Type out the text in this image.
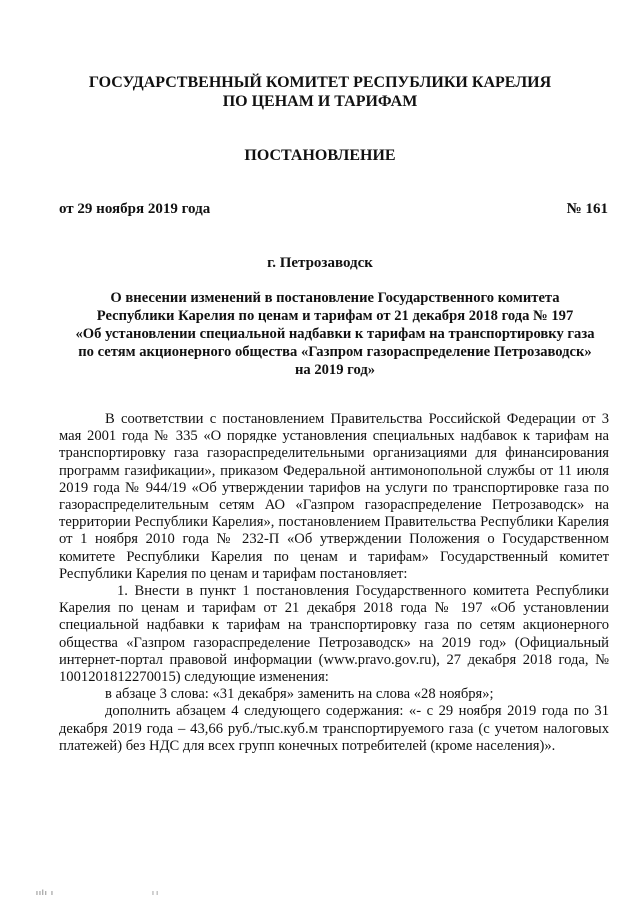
ГОСУДАРСТВЕННЫЙ КОМИТЕТ РЕСПУБЛИКИ КАРЕЛИЯ
ПО ЦЕНАМ И ТАРИФАМ
ПОСТАНОВЛЕНИЕ
от 29 ноября 2019 года	№ 161
г. Петрозаводск
О внесении изменений в постановление Государственного комитета
Республики Карелия по ценам и тарифам от 21 декабря 2018 года № 197
«Об установлении специальной надбавки к тарифам на транспортировку газа
по сетям акционерного общества «Газпром газораспределение Петрозаводск»
на 2019 год»

В соответствии с постановлением Правительства Российской Федерации от 3 мая 2001 года № 335 «О порядке установления специальных надбавок к тарифам на транспортировку газа газораспределительными организациями для финансирования программ газификации», приказом Федеральной антимонопольной службы от 11 июля 2019 года № 944/19 «Об утверждении тарифов на услуги по транспортировке газа по газораспределительным сетям АО «Газпром газораспределение Петрозаводск» на территории Республики Карелия», постановлением Правительства Республики Карелия от 1 ноября 2010 года № 232-П «Об утверждении Положения о Государственном комитете Республики Карелия по ценам и тарифам» Государственный комитет Республики Карелия по ценам и тарифам постановляет:

1. Внести в пункт 1 постановления Государственного комитета Республики Карелия по ценам и тарифам от 21 декабря 2018 года № 197 «Об установлении специальной надбавки к тарифам на транспортировку газа по сетям акционерного общества «Газпром газораспределение Петрозаводск» на 2019 год» (Официальный интернет-портал правовой информации (www.pravo.gov.ru), 27 декабря 2018 года, № 1001201812270015) следующие изменения:

в абзаце 3 слова: «31 декабря» заменить на слова «28 ноября»;

дополнить абзацем 4 следующего содержания: «- с 29 ноября 2019 года по 31 декабря 2019 года – 43,66 руб./тыс.куб.м транспортируемого газа (с учетом налоговых платежей) без НДС для всех групп конечных потребителей (кроме населения)».

ıılı ı	ı ı
